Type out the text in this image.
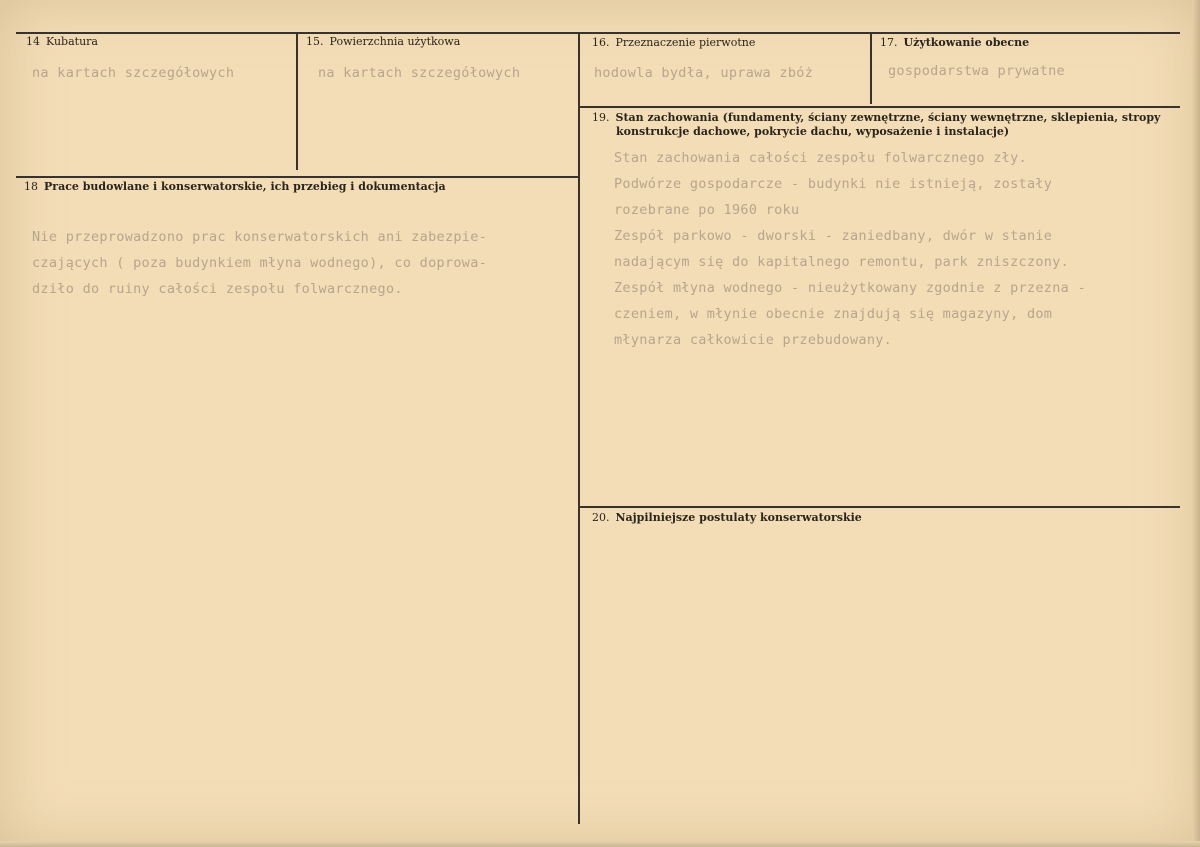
14 Kubatura
na kartach szczegółowych
15. Powierzchnia użytkowa
na kartach szczegółowych
16. Przeznaczenie pierwotne
hodowla bydła, uprawa zbóż
17. Użytkowanie obecne
gospodarstwa prywatne
19. Stan zachowania (fundamenty, ściany zewnętrzne, ściany wewnętrzne, sklepienia, stropy
konstrukcje dachowe, pokrycie dachu, wyposażenie i instalacje)
Stan zachowania całości zespołu folwarcznego zły.
Podwórze gospodarcze - budynki nie istnieją, zostały
rozebrane po 1960 roku
Zespół parkowo - dworski - zaniedbany, dwór w stanie
nadającym się do kapitalnego remontu, park zniszczony.
Zespół młyna wodnego - nieużytkowany zgodnie z przezna -
czeniem, w młynie obecnie znajdują się magazyny, dom
młynarza całkowicie przebudowany.
18 Prace budowlane i konserwatorskie, ich przebieg i dokumentacja
Nie przeprowadzono prac konserwatorskich ani zabezpie-
czających ( poza budynkiem młyna wodnego), co doprowa-
dziło do ruiny całości zespołu folwarcznego.
20. Najpilniejsze postulaty konserwatorskie
